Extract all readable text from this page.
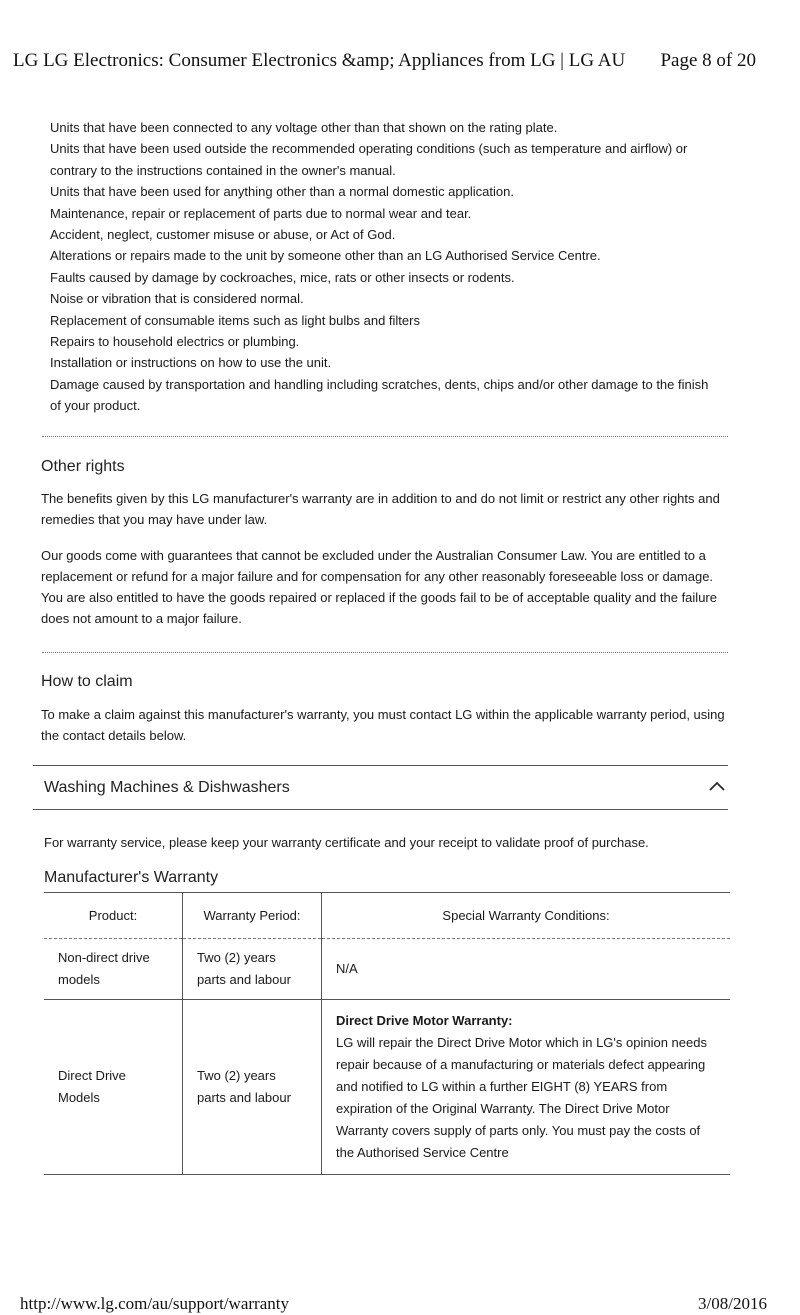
LG LG Electronics: Consumer Electronics &amp; Appliances from LG | LG AU Page 8 of 20
Units that have been connected to any voltage other than that shown on the rating plate.
Units that have been used outside the recommended operating conditions (such as temperature and airflow) or
contrary to the instructions contained in the owner's manual.
Units that have been used for anything other than a normal domestic application.
Maintenance, repair or replacement of parts due to normal wear and tear.
Accident, neglect, customer misuse or abuse, or Act of God.
Alterations or repairs made to the unit by someone other than an LG Authorised Service Centre.
Faults caused by damage by cockroaches, mice, rats or other insects or rodents.
Noise or vibration that is considered normal.
Replacement of consumable items such as light bulbs and filters
Repairs to household electrics or plumbing.
Installation or instructions on how to use the unit.
Damage caused by transportation and handling including scratches, dents, chips and/or other damage to the finish
of your product.
Other rights

The benefits given by this LG manufacturer's warranty are in addition to and do not limit or restrict any other rights and remedies that you may have under law.

Our goods come with guarantees that cannot be excluded under the Australian Consumer Law. You are entitled to a replacement or refund for a major failure and for compensation for any other reasonably foreseeable loss or damage. You are also entitled to have the goods repaired or replaced if the goods fail to be of acceptable quality and the failure does not amount to a major failure.

How to claim

To make a claim against this manufacturer's warranty, you must contact LG within the applicable warranty period, using the contact details below.

Washing Machines & Dishwashers

For warranty service, please keep your warranty certificate and your receipt to validate proof of purchase.

Manufacturer's Warranty
Product:	Warranty Period:	Special Warranty Conditions:
Non-direct drive models	Two (2) years parts and labour	N/A
Direct Drive Models	Two (2) years parts and labour	Direct Drive Motor Warranty:
LG will repair the Direct Drive Motor which in LG's opinion needs repair because of a manufacturing or materials defect appearing and notified to LG within a further EIGHT (8) YEARS from expiration of the Original Warranty. The Direct Drive Motor Warranty covers supply of parts only. You must pay the costs of the Authorised Service Centre
http://www.lg.com/au/support/warranty	3/08/2016
